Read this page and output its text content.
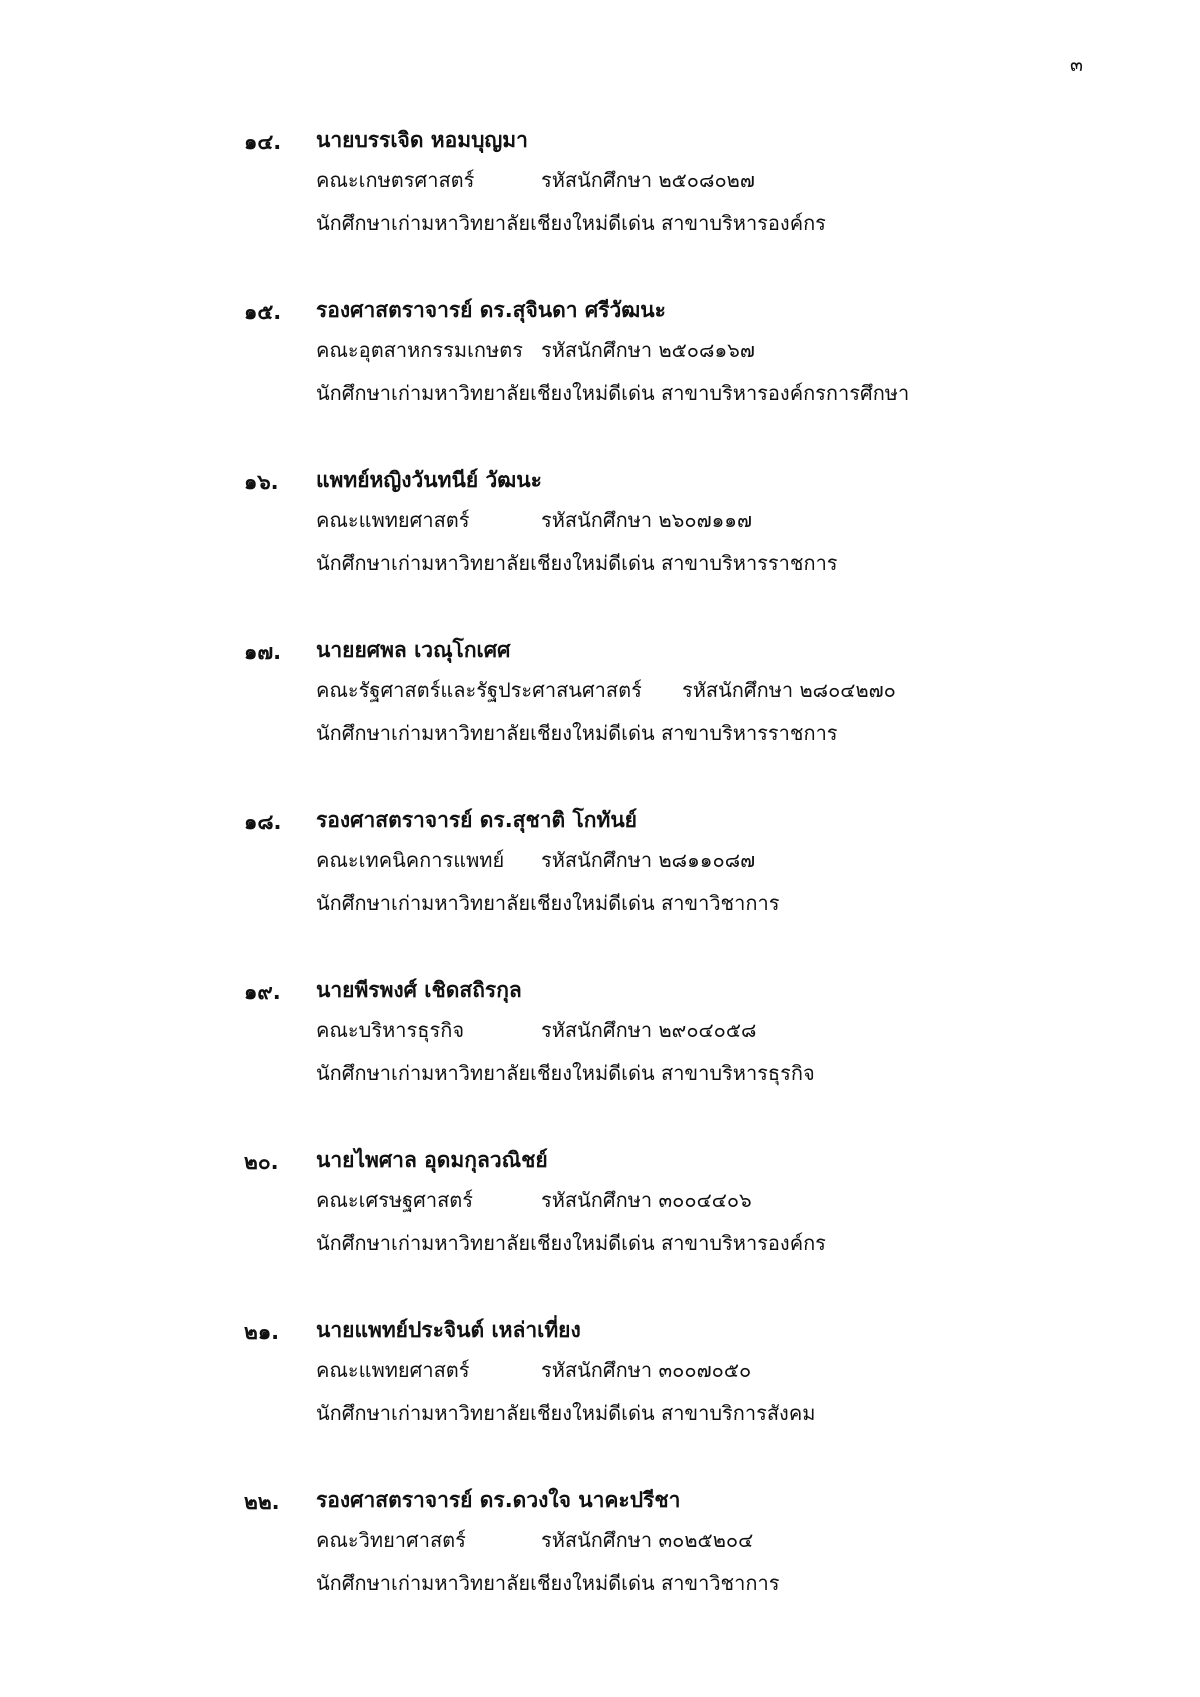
๓
๑๔. นายบรรเจิด หอมบุญมา
คณะเกษตรศาสตร์	รหัสนักศึกษา ๒๕๐๘๐๒๗
นักศึกษาเก่ามหาวิทยาลัยเชียงใหม่ดีเด่น สาขาบริหารองค์กร
๑๕. รองศาสตราจารย์ ดร.สุจินดา ศรีวัฒนะ
คณะอุตสาหกรรมเกษตร รหัสนักศึกษา ๒๕๐๘๑๖๗
นักศึกษาเก่ามหาวิทยาลัยเชียงใหม่ดีเด่น สาขาบริหารองค์กรการศึกษา
๑๖. แพทย์หญิงวันทนีย์ วัฒนะ
คณะแพทยศาสตร์	รหัสนักศึกษา ๒๖๐๗๑๑๗
นักศึกษาเก่ามหาวิทยาลัยเชียงใหม่ดีเด่น สาขาบริหารราชการ
๑๗. นายยศพล เวณุโกเศศ
คณะรัฐศาสตร์และรัฐประศาสนศาสตร์ รหัสนักศึกษา ๒๘๐๔๒๗๐
นักศึกษาเก่ามหาวิทยาลัยเชียงใหม่ดีเด่น สาขาบริหารราชการ
๑๘. รองศาสตราจารย์ ดร.สุชาติ โกทันย์
คณะเทคนิคการแพทย์ รหัสนักศึกษา ๒๘๑๑๐๘๗
นักศึกษาเก่ามหาวิทยาลัยเชียงใหม่ดีเด่น สาขาวิชาการ
๑๙. นายพีรพงศ์ เชิดสถิรกุล
คณะบริหารธุรกิจ	รหัสนักศึกษา ๒๙๐๔๐๕๘
นักศึกษาเก่ามหาวิทยาลัยเชียงใหม่ดีเด่น สาขาบริหารธุรกิจ
๒๐. นายไพศาล อุดมกุลวณิชย์
คณะเศรษฐศาสตร์	รหัสนักศึกษา ๓๐๐๔๔๐๖
นักศึกษาเก่ามหาวิทยาลัยเชียงใหม่ดีเด่น สาขาบริหารองค์กร
๒๑. นายแพทย์ประจินต์ เหล่าเที่ยง
คณะแพทยศาสตร์	รหัสนักศึกษา ๓๐๐๗๐๕๐
นักศึกษาเก่ามหาวิทยาลัยเชียงใหม่ดีเด่น สาขาบริการสังคม
๒๒. รองศาสตราจารย์ ดร.ดวงใจ นาคะปรีชา
คณะวิทยาศาสตร์	รหัสนักศึกษา ๓๐๒๕๒๐๔
นักศึกษาเก่ามหาวิทยาลัยเชียงใหม่ดีเด่น สาขาวิชาการ
